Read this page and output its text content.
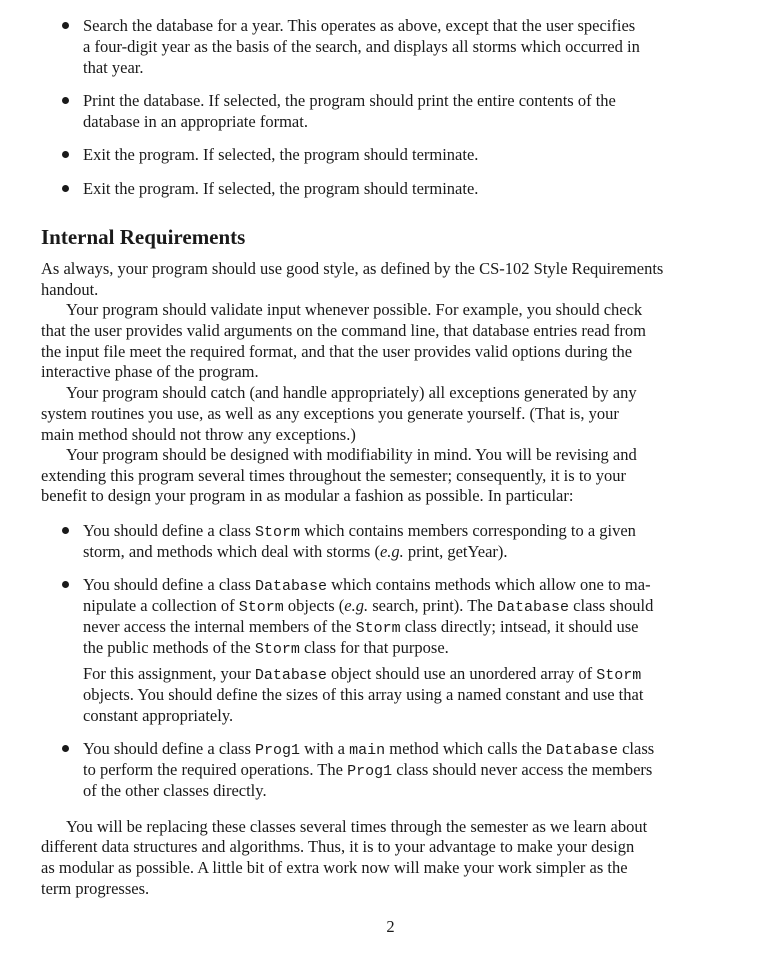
Search the database for a year. This operates as above, except that the user specifies
a four-digit year as the basis of the search, and displays all storms which occurred in
that year.
Print the database. If selected, the program should print the entire contents of the
database in an appropriate format.
Exit the program. If selected, the program should terminate.
Exit the program. If selected, the program should terminate.
Internal Requirements
As always, your program should use good style, as defined by the CS-102 Style Requirements
handout.
Your program should validate input whenever possible. For example, you should check
that the user provides valid arguments on the command line, that database entries read from
the input file meet the required format, and that the user provides valid options during the
interactive phase of the program.
Your program should catch (and handle appropriately) all exceptions generated by any
system routines you use, as well as any exceptions you generate yourself. (That is, your
main method should not throw any exceptions.)
Your program should be designed with modifiability in mind. You will be revising and
extending this program several times throughout the semester; consequently, it is to your
benefit to design your program in as modular a fashion as possible. In particular:
You should define a class Storm which contains members corresponding to a given
storm, and methods which deal with storms (e.g. print, getYear).
You should define a class Database which contains methods which allow one to ma-
nipulate a collection of Storm objects (e.g. search, print). The Database class should
never access the internal members of the Storm class directly; intsead, it should use
the public methods of the Storm class for that purpose.
For this assignment, your Database object should use an unordered array of Storm
objects. You should define the sizes of this array using a named constant and use that
constant appropriately.
You should define a class Prog1 with a main method which calls the Database class
to perform the required operations. The Prog1 class should never access the members
of the other classes directly.
You will be replacing these classes several times through the semester as we learn about
different data structures and algorithms. Thus, it is to your advantage to make your design
as modular as possible. A little bit of extra work now will make your work simpler as the
term progresses.
2
